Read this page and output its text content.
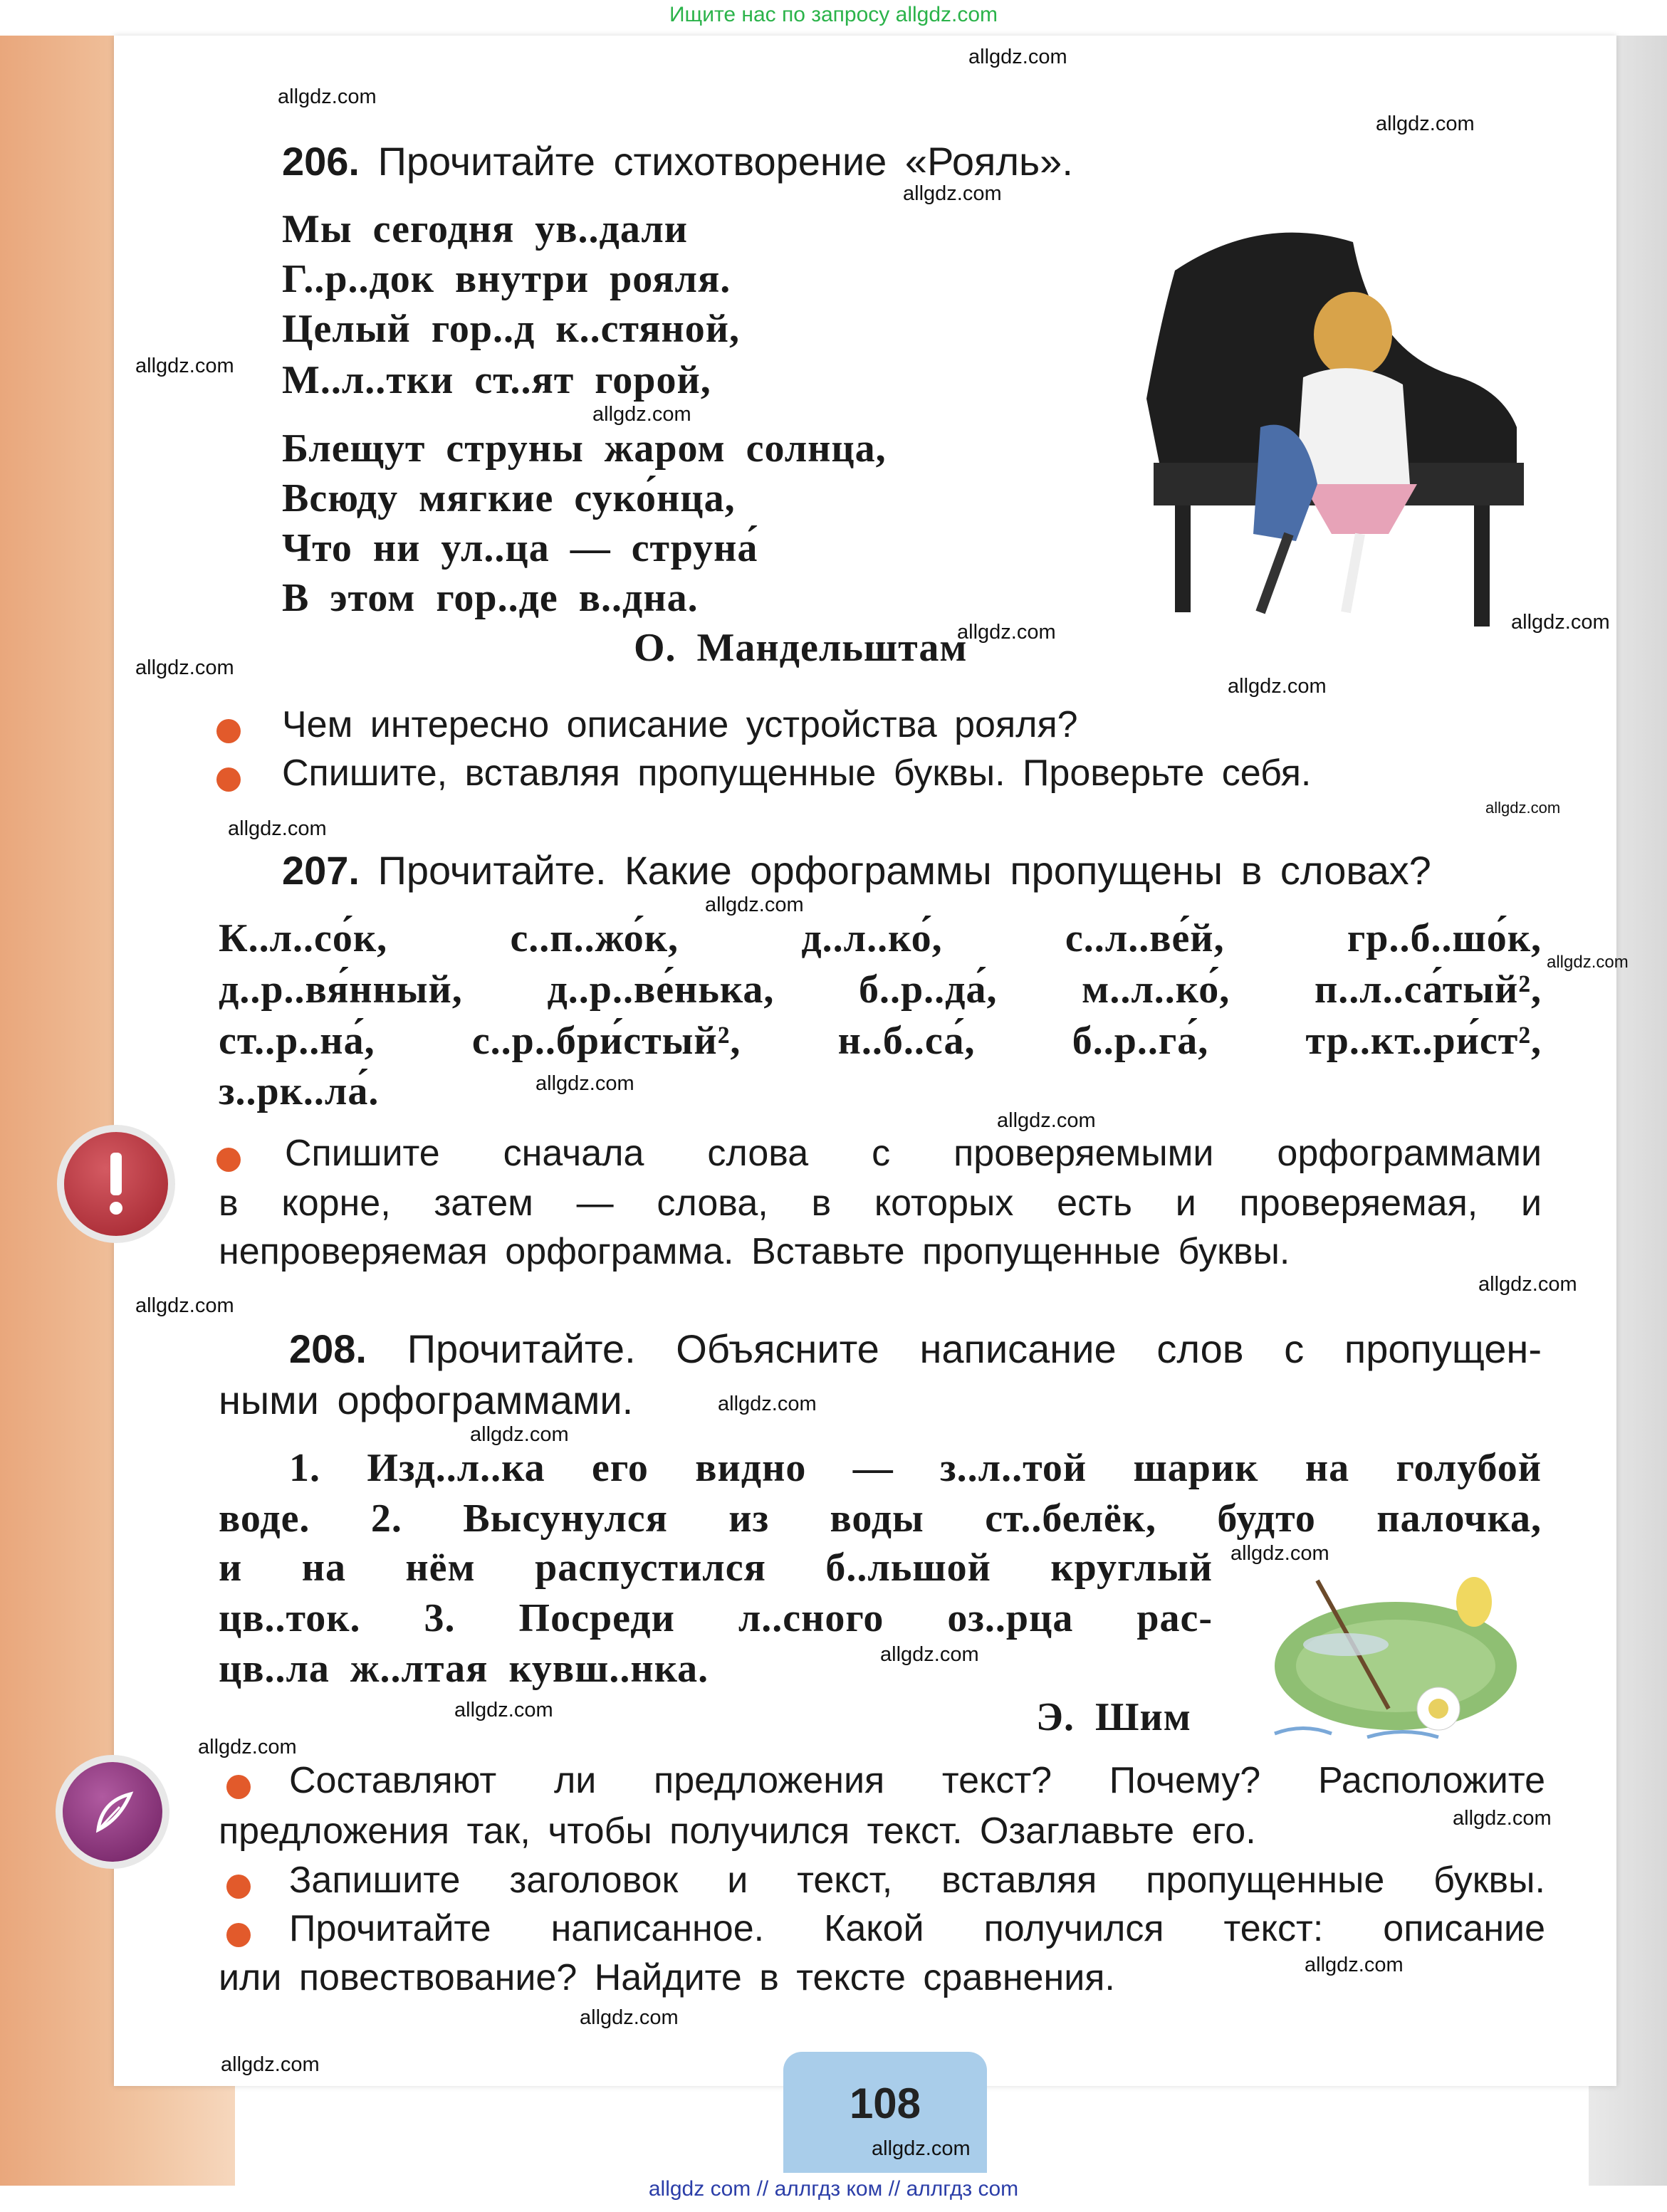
Ищите нас по запросу allgdz.com
206. Прочитайте стихотворение «Рояль».
Мы сегодня ув..дали
Г..р..док внутри рояля.
Целый гор..д к..стяной,
М..л..тки ст..ят горой,
Блещут струны жаром солнца,
Всюду мягкие суко́нца,
Что ни ул..ца — струна́
В этом гор..де в..дна.
О. Мандельштам
Чем интересно описание устройства рояля?
Спишите, вставляя пропущенные буквы. Проверьте себя.
207. Прочитайте. Какие орфограммы пропущены в словах?
К..л..со́к, с..п..жо́к, д..л..ко́, с..л..ве́й, гр..б..шо́к,
д..р..вя́нный, д..р..ве́нька, б..р..да́, м..л..ко́, п..л..са́тый²,
ст..р..на́, с..р..бри́стый², н..б..са́, б..р..га́, тр..кт..ри́ст²,
з..рк..ла́.
Спишите сначала слова с проверяемыми орфограммами
в корне, затем — слова, в которых есть и проверяемая, и
непроверяемая орфограмма. Вставьте пропущенные буквы.
208. Прочитайте. Объясните написание слов с пропущен-
ными орфограммами.
1. Изд..л..ка его видно — з..л..той шарик на голубой
воде. 2. Высунулся из воды ст..белёк, будто палочка,
и на нём распустился б..льшой круглый
цв..ток. 3. Посреди л..сного оз..рца рас-
цв..ла ж..лтая кувш..нка.
Э. Шим
Составляют ли предложения текст? Почему? Расположите
предложения так, чтобы получился текст. Озаглавьте его.
Запишите заголовок и текст, вставляя пропущенные буквы.
Прочитайте написанное. Какой получился текст: описание
или повествование? Найдите в тексте сравнения.
108
allgdz.com
allgdz.com
allgdz.com
allgdz.com
allgdz.com
allgdz.com
allgdz.com	allgdz.com
allgdz.com
allgdz.com
allgdz.com
allgdz.com
allgdz.com
allgdz.com
allgdz.com
allgdz.com
allgdz.com
allgdz.com
allgdz.com
allgdz.com
allgdz.com
allgdz.com
allgdz.com
allgdz.com
allgdz.com
allgdz.com
allgdz.com
allgdz.com
allgdz.com
allgdz com // аллгдз ком // аллгдз com
